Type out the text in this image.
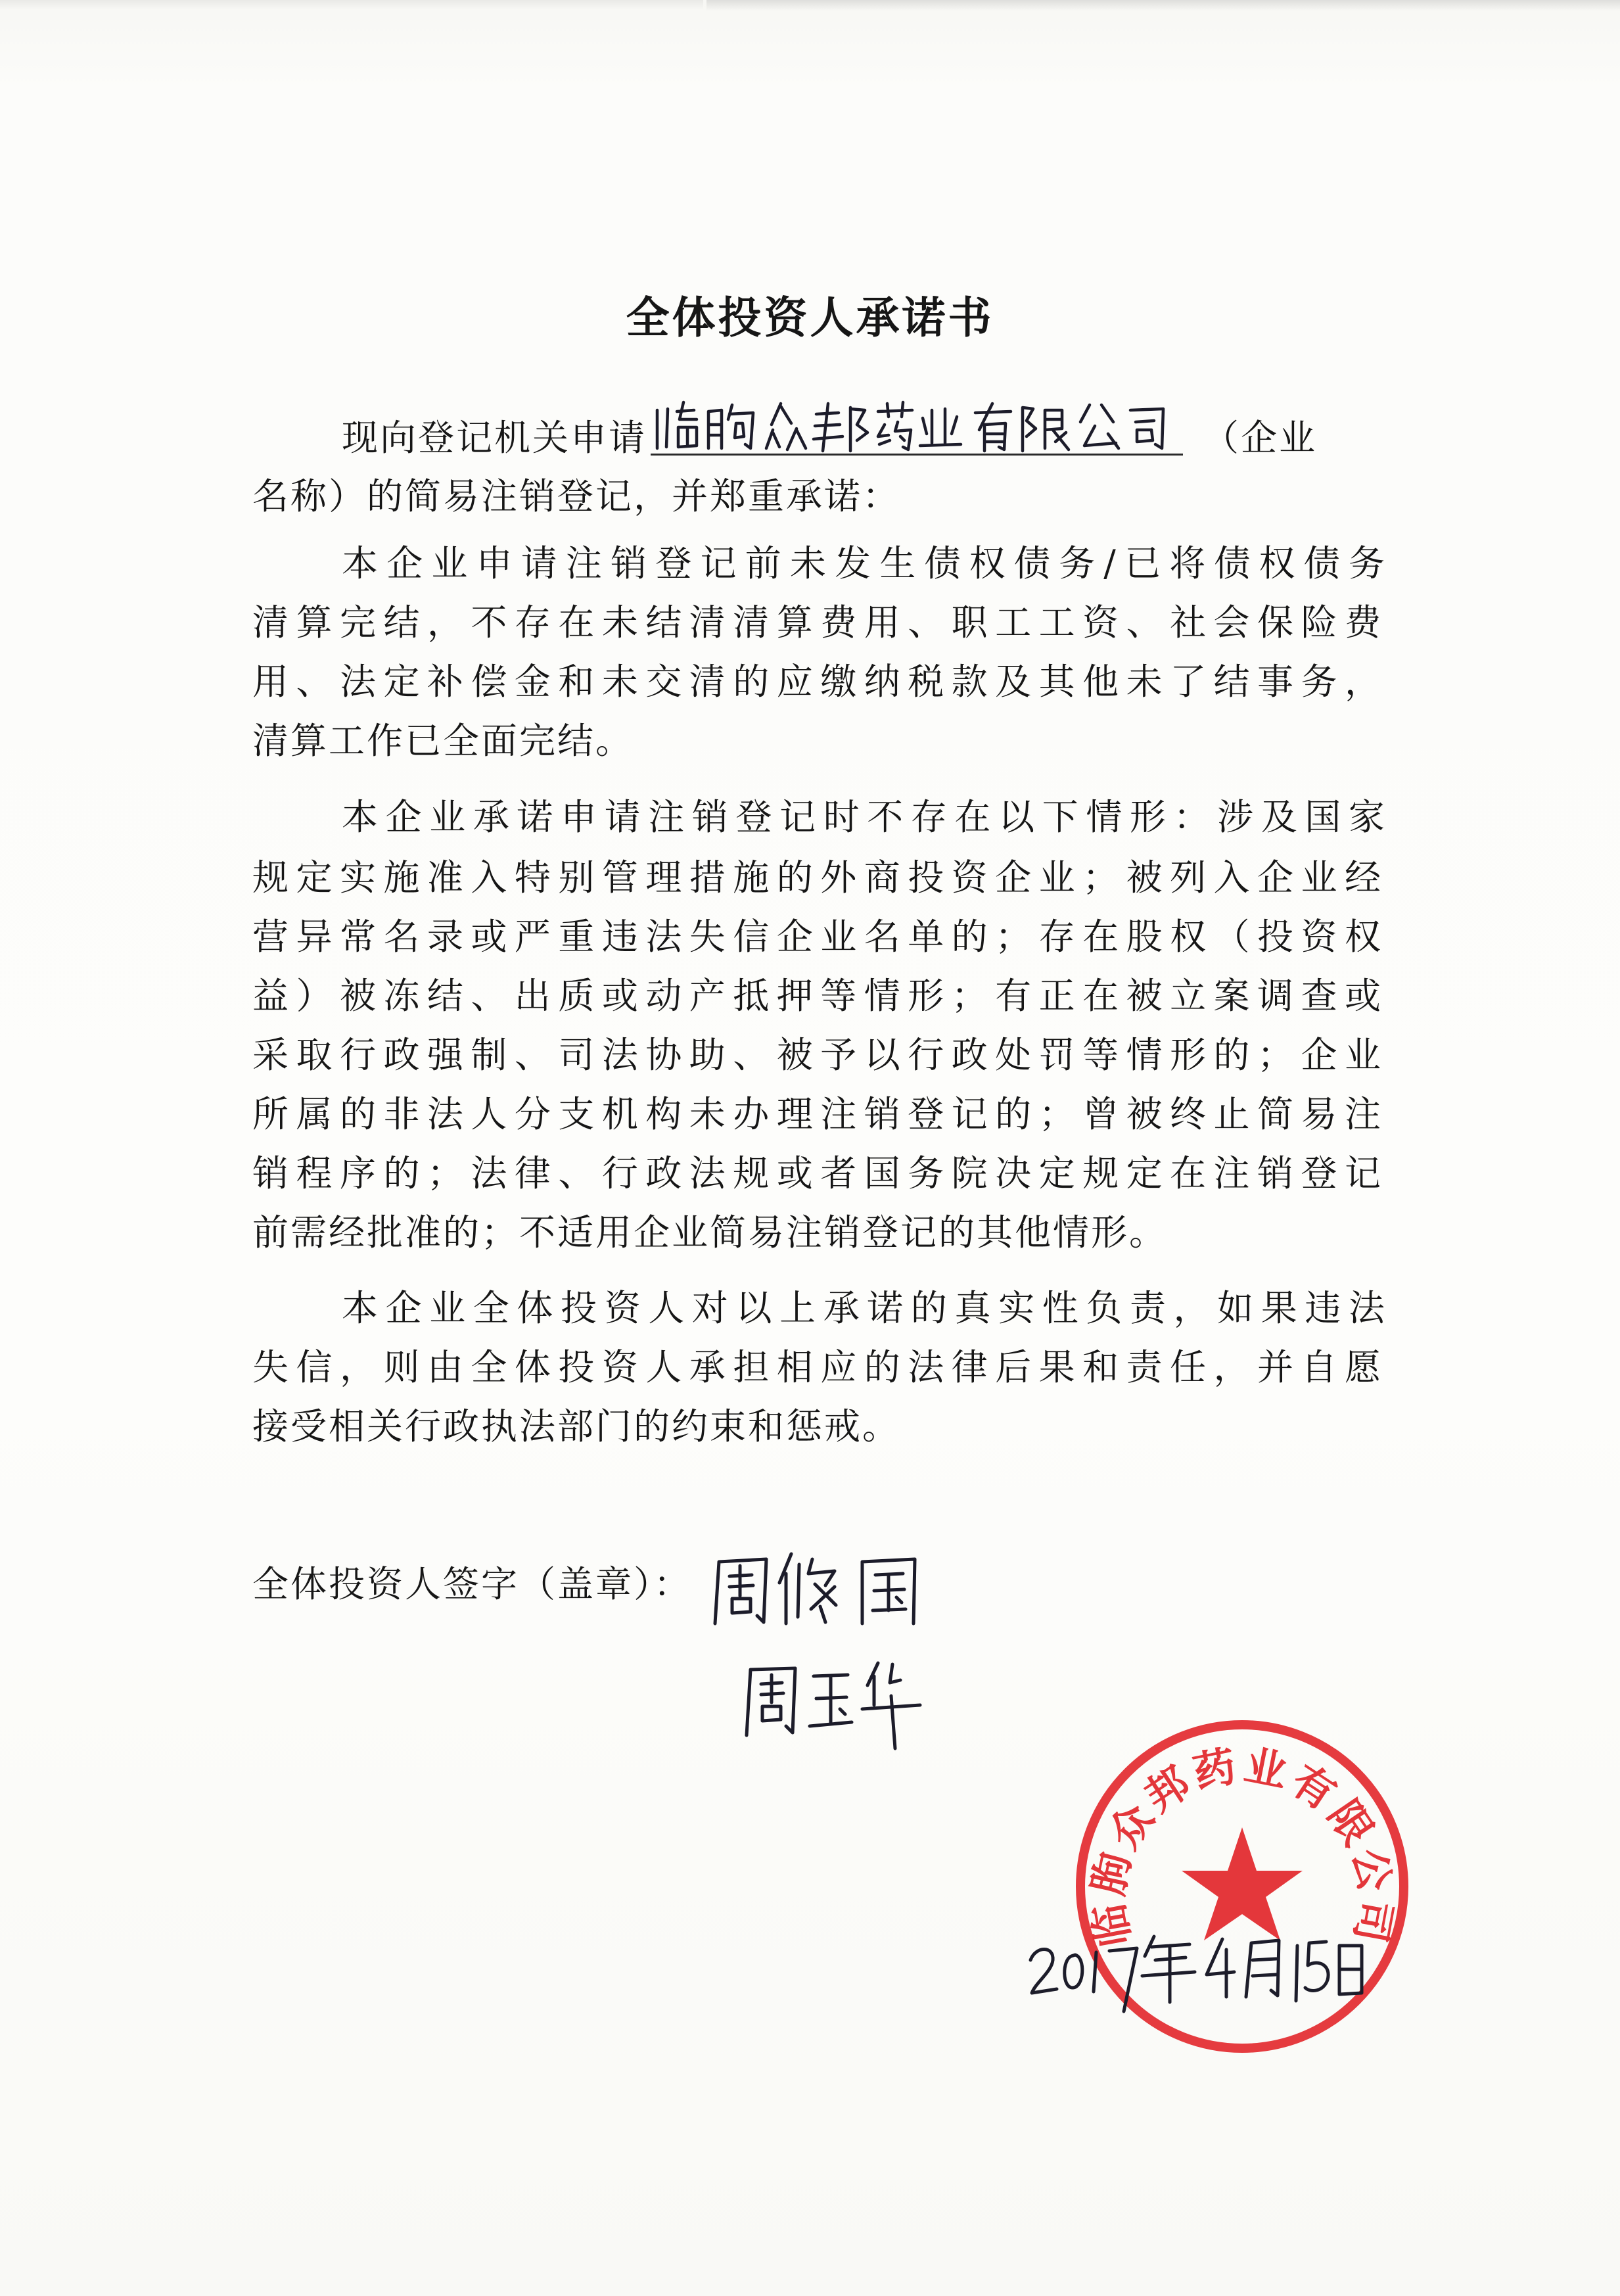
全体投资人承诺书
现向登记机关申请	（企业
名称）的简易注销登记，并郑重承诺：
本企业申请注销登记前未发生债权债务/已将债权债务
清算完结，不存在未结清清算费用、职工工资、社会保险费
用、法定补偿金和未交清的应缴纳税款及其他未了结事务，
清算工作已全面完结。
本企业承诺申请注销登记时不存在以下情形：涉及国家
规定实施准入特别管理措施的外商投资企业；被列入企业经
营异常名录或严重违法失信企业名单的；存在股权（投资权
益）被冻结、出质或动产抵押等情形；有正在被立案调查或
采取行政强制、司法协助、被予以行政处罚等情形的；企业
所属的非法人分支机构未办理注销登记的；曾被终止简易注
销程序的；法律、行政法规或者国务院决定规定在注销登记
前需经批准的；不适用企业简易注销登记的其他情形。
本企业全体投资人对以上承诺的真实性负责，如果违法
失信，则由全体投资人承担相应的法律后果和责任，并自愿
接受相关行政执法部门的约束和惩戒。
全体投资人签字（盖章）：
临朐众邦药业有限公司
